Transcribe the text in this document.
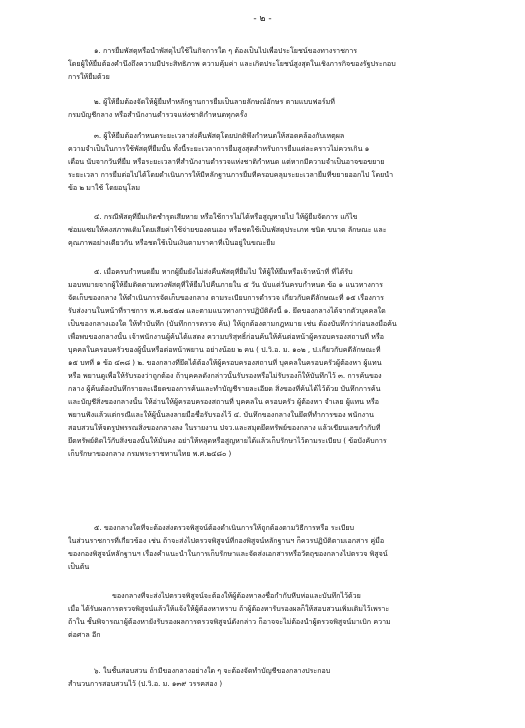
- ๒ -

๑. การยืมพัสดุหรือนำพัสดุไปใช้ในกิจการใด ๆ ต้องเป็นไปเพื่อประโยชน์ของทางราชการ

โดยผู้ให้ยืมต้องคำนึงถึงความมีประสิทธิภาพ ความคุ้มค่า และเกิดประโยชน์สูงสุดในเชิงภารกิจของรัฐประกอบ

การให้ยืมด้วย

๒. ผู้ให้ยืมต้องจัดให้ผู้ยืมทำหลักฐานการยืมเป็นลายลักษณ์อักษร ตามแบบฟอร์มที่

กรมบัญชีกลาง หรือสำนักงานตำรวจแห่งชาติกำหนดทุกครั้ง

๓. ผู้ให้ยืมต้องกำหนดระยะเวลาส่งคืนพัสดุโดยปกติพึงกำหนดให้สอดคล้องกับเหตุผล

ความจำเป็นในการใช้พัสดุที่ยืมนั้น ทั้งนี้ระยะเวลาการยืมสูงสุดสำหรับการยืมแต่ละคราวไม่ควรเกิน ๑

เดือน นับจากวันที่ยืม หรือระยะเวลาที่สำนักงานตำรวจแห่งชาติกำหนด แต่หากมีความจำเป็นอาจขอขยาย

ระยะเวลา การยืมต่อไปได้โดยดำเนินการให้มีหลักฐานการยืมที่ครอบคลุมระยะเวลายืมที่ขยายออกไป โดยนำ

ข้อ ๒ มาใช้ โดยอนุโลม

๔. กรณีพัสดุที่ยืมเกิดชำรุดเสียหาย หรือใช้การไม่ได้หรือสูญหายไป ให้ผู้ยืมจัดการ แก้ไข

ซ่อมแซมให้คงสภาพเดิมโดยเสียค่าใช้จ่ายของตนเอง หรือชดใช้เป็นพัสดุประเภท ชนิด ขนาด ลักษณะ และ

คุณภาพอย่างเดียวกัน หรือชดใช้เป็นเงินตามราคาที่เป็นอยู่ในขณะยืม

๕. เมื่อครบกำหนดยืม หากผู้ยืมยังไม่ส่งคืนพัสดุที่ยืมไป ให้ผู้ให้ยืมหรือเจ้าหน้าที่ ที่ได้รับ

มอบหมายจากผู้ให้ยืมติดตามทวงพัสดุที่ให้ยืมไปคืนภายใน ๕ วัน นับแต่วันครบกำหนด ข้อ ๑ แนวทางการ

จัดเก็บของกลาง ให้ดำเนินการจัดเก็บของกลาง ตามระเบียบการตำรวจ เกี่ยวกับคดีลักษณะที่ ๑๕ เรื่องการ

รับส่งงานในหน้าที่ราชการ พ.ศ.๒๕๕๗ และตามแนวทางการปฏิบัติดังนี้ ๑. ยึดของกลางได้จากตัวบุคคลใด

เป็นของกลางเองใด ให้ทำบันทึก (บันทึกการตรวจ ค้น) ให้ถูกต้องตามกฎหมาย เช่น ต้องบันทึกว่าก่อนลงมือค้น

เพื่อพบของกลางนั้น เจ้าพนักงานผู้ค้นได้แสดง ความบริสุทธิ์ก่อนค้นให้ค้นต่อหน้าผู้ครอบครองสถานที่ หรือ

บุคคลในครอบครัวของผู้นั้นหรือต่อหน้าพยาน อย่างน้อย ๒ คน ( ป.วิ.อ. ม. ๑๐๒ , ป.เกี่ยวกับคดีลักษณะที่

๑๕ บทที่ ๑ ข้อ ๔๓๘ ) ๒. ของกลางที่ยึดได้ต้องให้ผู้ครอบครองสถานที่ บุคคลในครอบครัวผู้ต้องหา ผู้แทน

หรือ พยานดูเพื่อให้รับรองว่าถูกต้อง ถ้าบุคคลดังกล่าวนั้นรับรองหรือไม่รับรองก็ให้บันทึกไว้ ๓. การค้นของ

กลาง ผู้ค้นต้องบันทึกรายละเอียดของการค้นและทำบัญชีรายละเอียด สิ่งของที่ค้นได้ไว้ด้วย บันทึกการค้น

และบัญชีสิ่งของกลางนั้น ให้อ่านให้ผู้ครอบครองสถานที่ บุคคลใน ครอบครัว ผู้ต้องหา จำเลย ผู้แทน หรือ

พยานฟังแล้วแต่กรณีและให้ผู้นั้นลงลายมือชื่อรับรองไว้ ๔. บันทึกของกลางในยึดที่ทำการของ พนักงาน

สอบสวนให้จดรูปพรรณสิ่งของกลางลง ในรายงาน ปจว.และสมุดยึดทรัพย์ของกลาง แล้วเขียนเลขกำกับที่

ยึดทรัพย์ติดไว้กับสิ่งของนั้นให้มั่นคง อย่าให้หลุดหรือสูญหายได้แล้วเก็บรักษาไว้ตามระเบียบ ( ข้อบังคับการ

เก็บรักษาของกลาง กรมพระราชทานไทย พ.ศ.๒๔๘๐ )

๕. ของกลางใดที่จะต้องส่งตรวจพิสูจน์ต้องดำเนินการให้ถูกต้องตามวิธีการหรือ ระเบียบ

ในส่วนราชการที่เกี่ยวข้อง เช่น ถ้าจะส่งไปตรวจพิสูจน์ที่กองพิสูจน์หลักฐานฯ ก็ควรปฏิบัติตามเอกสาร คู่มือ

ของกองพิสูจน์หลักฐานฯ เรื่องคำแนะนำในการเก็บรักษาและจัดส่งเอกสารหรือวัตถุของกลางไปตรวจ พิสูจน์

เป็นต้น

ของกลางที่จะส่งไปตรวจพิสูจน์จะต้องให้ผู้ต้องหาลงชื่อกำกับหีบห่อและบันทึกไว้ด้วย

เมื่อ ได้รับผลการตรวจพิสูจน์แล้วให้แจ้งให้ผู้ต้องหาทราบ ถ้าผู้ต้องหารับรองผลก็ให้สอบสวนเพิ่มเติมไว้เพราะ

ถ้าใน ชั้นพิจารณาผู้ต้องหายังรับรองผลการตรวจพิสูจน์ดังกล่าว ก็อาจจะไม่ต้องนำผู้ตรวจพิสูจน์มาเบิก ความ

ต่อศาล อีก

๖. ในชั้นสอบสวน ถ้ามีของกลางอย่างใด ๆ จะต้องจัดทำบัญชีของกลางประกอบ

สำนวนการสอบสวนไว้ (ป.วิ.อ. ม. ๑๓๙ วรรคสอง )
